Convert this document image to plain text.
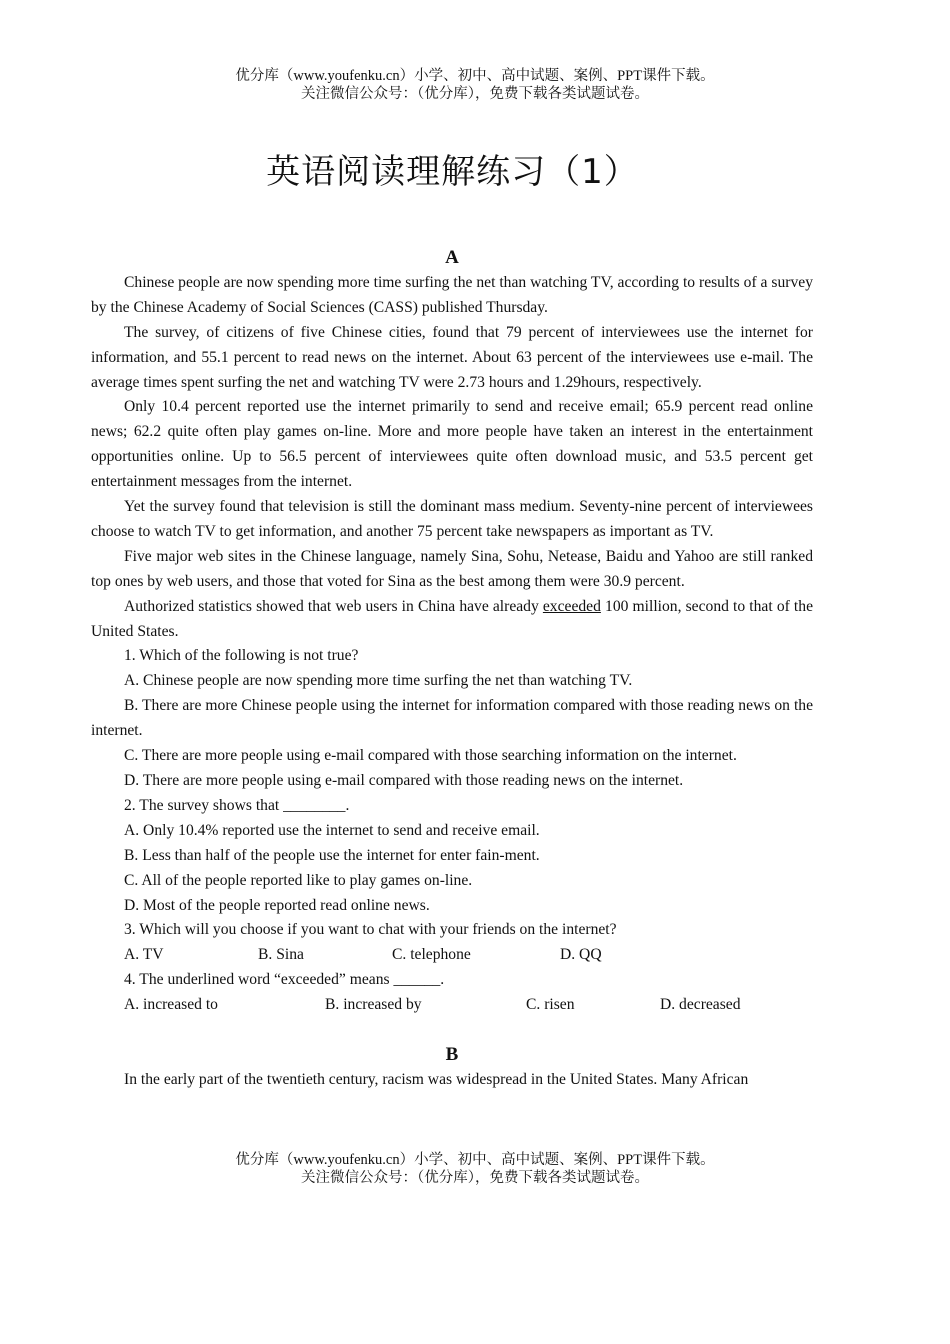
优分库（www.youfenku.cn）小学、初中、高中试题、案例、PPT课件下载。
关注微信公众号：（优分库），免费下载各类试题试卷。
英语阅读理解练习（1）
A

Chinese people are now spending more time surfing the net than watching TV, according to results of a survey by the Chinese Academy of Social Sciences (CASS) published Thursday.

The survey, of citizens of five Chinese cities, found that 79 percent of interviewees use the internet for information, and 55.1 percent to read news on the internet. About 63 percent of the interviewees use e-mail. The average times spent surfing the net and watching TV were 2.73 hours and 1.29hours, respectively.

Only 10.4 percent reported use the internet primarily to send and receive email; 65.9 percent read online news; 62.2 quite often play games on-line. More and more people have taken an interest in the entertainment opportunities online. Up to 56.5 percent of interviewees quite often download music, and 53.5 percent get entertainment messages from the internet.

Yet the survey found that television is still the dominant mass medium. Seventy-nine percent of interviewees choose to watch TV to get information, and another 75 percent take newspapers as important as TV.

Five major web sites in the Chinese language, namely Sina, Sohu, Netease, Baidu and Yahoo are still ranked top ones by web users, and those that voted for Sina as the best among them were 30.9 percent.

Authorized statistics showed that web users in China have already exceeded 100 million, second to that of the United States.

1. Which of the following is not true?

A. Chinese people are now spending more time surfing the net than watching TV.

B. There are more Chinese people using the internet for information compared with those reading news on the internet.

C. There are more people using e-mail compared with those searching information on the internet.

D. There are more people using e-mail compared with those reading news on the internet.

2. The survey shows that ________.

A. Only 10.4% reported use the internet to send and receive email.

B. Less than half of the people use the internet for enter fain-ment.

C. All of the people reported like to play games on-line.

D. Most of the people reported read online news.

3. Which will you choose if you want to chat with your friends on the internet?

A. TV	B. Sina	C. telephone	D. QQ

4. The underlined word “exceeded” means ______.

A. increased to	B. increased by	C. risen	D. decreased
B

In the early part of the twentieth century, racism was widespread in the United States. Many African

优分库（www.youfenku.cn）小学、初中、高中试题、案例、PPT课件下载。
关注微信公众号：（优分库），免费下载各类试题试卷。
